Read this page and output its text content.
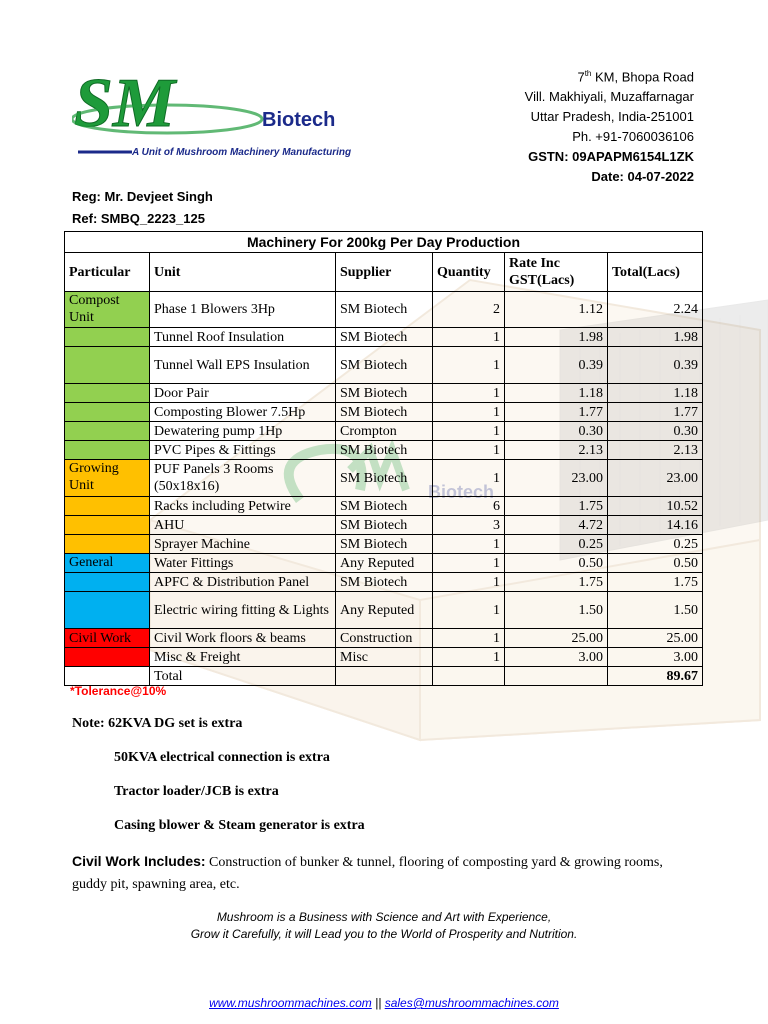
Biotech
SM	Biotech
A Unit of Mushroom Machinery Manufacturing
7th KM, Bhopa Road
Vill. Makhiyali, Muzaffarnagar
Uttar Pradesh, India-251001
Ph. +91-7060036106
GSTN: 09APAPM6154L1ZK
Date: 04-07-2022
Reg: Mr. Devjeet Singh
Ref: SMBQ_2223_125
Machinery For 200kg Per Day Production					
Particular	Unit	Supplier	Quantity	Rate Inc GST(Lacs)	Total(Lacs)
Compost Unit	Phase 1 Blowers 3Hp	SM Biotech	2	1.12	2.24
	Tunnel Roof Insulation	SM Biotech	1	1.98	1.98
	Tunnel Wall EPS Insulation	SM Biotech	1	0.39	0.39
	Door Pair	SM Biotech	1	1.18	1.18
	Composting Blower 7.5Hp	SM Biotech	1	1.77	1.77
	Dewatering pump 1Hp	Crompton	1	0.30	0.30
	PVC Pipes & Fittings	SM Biotech	1	2.13	2.13
Growing Unit	PUF Panels 3 Rooms (50x18x16)	SM Biotech	1	23.00	23.00
	Racks including Petwire	SM Biotech	6	1.75	10.52
	AHU	SM Biotech	3	4.72	14.16
	Sprayer Machine	SM Biotech	1	0.25	0.25
General	Water Fittings	Any Reputed	1	0.50	0.50
	APFC & Distribution Panel	SM Biotech	1	1.75	1.75
	Electric wiring fitting & Lights	Any Reputed	1	1.50	1.50
Civil Work	Civil Work floors & beams	Construction	1	25.00	25.00
	Misc & Freight	Misc	1	3.00	3.00
	Total				89.67
*Tolerance@10%
Note: 62KVA DG set is extra
50KVA electrical connection is extra
Tractor loader/JCB is extra
Casing blower & Steam generator is extra
Civil Work Includes: Construction of bunker & tunnel, flooring of composting yard & growing rooms, guddy pit, spawning area, etc.
Mushroom is a Business with Science and Art with Experience,
Grow it Carefully, it will Lead you to the World of Prosperity and Nutrition.
www.mushroommachines.com || sales@mushroommachines.com
